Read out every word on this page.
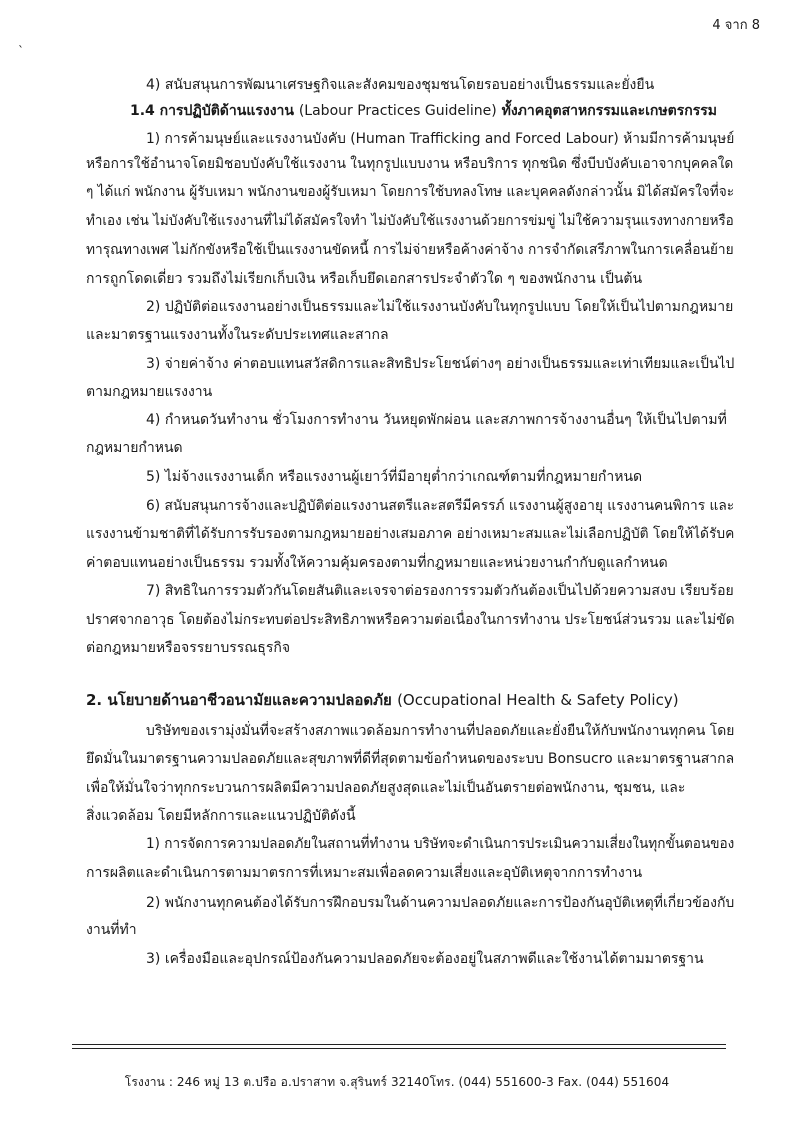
4 จาก 8
`
4) สนับสนุนการพัฒนาเศรษฐกิจและสังคมของชุมชนโดยรอบอย่างเป็นธรรมและยั่งยืน
1.4 การปฏิบัติด้านแรงงาน (Labour Practices Guideline) ทั้งภาคอุตสาหกรรมและเกษตรกรรม
1) การค้ามนุษย์และแรงงานบังคับ (Human Trafficking and Forced Labour) ห้ามมีการค้ามนุษย์
หรือการใช้อำนาจโดยมิชอบบังคับใช้แรงงาน ในทุกรูปแบบงาน หรือบริการ ทุกชนิด ซึ่งบีบบังคับเอาจากบุคคลใด
ๆ ได้แก่ พนักงาน ผู้รับเหมา พนักงานของผู้รับเหมา โดยการใช้บทลงโทษ และบุคคลดังกล่าวนั้น มิได้สมัครใจที่จะ
ทำเอง เช่น ไม่บังคับใช้แรงงานที่ไม่ได้สมัครใจทำ ไม่บังคับใช้แรงงานด้วยการข่มขู่ ไม่ใช้ความรุนแรงทางกายหรือ
ทารุณทางเพศ ไม่กักขังหรือใช้เป็นแรงงานขัดหนี้ การไม่จ่ายหรือค้างค่าจ้าง การจำกัดเสรีภาพในการเคลื่อนย้าย
การถูกโดดเดี่ยว รวมถึงไม่เรียกเก็บเงิน หรือเก็บยึดเอกสารประจำตัวใด ๆ ของพนักงาน เป็นต้น
2) ปฏิบัติต่อแรงงานอย่างเป็นธรรมและไม่ใช้แรงงานบังคับในทุกรูปแบบ โดยให้เป็นไปตามกฎหมาย
และมาตรฐานแรงงานทั้งในระดับประเทศและสากล
3) จ่ายค่าจ้าง ค่าตอบแทนสวัสดิการและสิทธิประโยชน์ต่างๆ อย่างเป็นธรรมและเท่าเทียมและเป็นไป
ตามกฎหมายแรงงาน
4) กำหนดวันทำงาน ชั่วโมงการทำงาน วันหยุดพักผ่อน และสภาพการจ้างงานอื่นๆ ให้เป็นไปตามที่
กฎหมายกำหนด
5) ไม่จ้างแรงงานเด็ก หรือแรงงานผู้เยาว์ที่มีอายุต่ำกว่าเกณฑ์ตามที่กฎหมายกำหนด
6) สนับสนุนการจ้างและปฏิบัติต่อแรงงานสตรีและสตรีมีครรภ์ แรงงานผู้สูงอายุ แรงงานคนพิการ และ
แรงงานข้ามชาติที่ได้รับการรับรองตามกฎหมายอย่างเสมอภาค อย่างเหมาะสมและไม่เลือกปฏิบัติ โดยให้ได้รับค
ค่าตอบแทนอย่างเป็นธรรม รวมทั้งให้ความคุ้มครองตามที่กฎหมายและหน่วยงานกำกับดูแลกำหนด
7) สิทธิในการรวมตัวกันโดยสันติและเจรจาต่อรองการรวมตัวกันต้องเป็นไปด้วยความสงบ เรียบร้อย
ปราศจากอาวุธ โดยต้องไม่กระทบต่อประสิทธิภาพหรือความต่อเนื่องในการทำงาน ประโยชน์ส่วนรวม และไม่ขัด
ต่อกฎหมายหรือจรรยาบรรณธุรกิจ
2. นโยบายด้านอาชีวอนามัยและความปลอดภัย (Occupational Health & Safety Policy)
บริษัทของเรามุ่งมั่นที่จะสร้างสภาพแวดล้อมการทำงานที่ปลอดภัยและยั่งยืนให้กับพนักงานทุกคน โดย
ยึดมั่นในมาตรฐานความปลอดภัยและสุขภาพที่ดีที่สุดตามข้อกำหนดของระบบ Bonsucro และมาตรฐานสากล
เพื่อให้มั่นใจว่าทุกกระบวนการผลิตมีความปลอดภัยสูงสุดและไม่เป็นอันตรายต่อพนักงาน, ชุมชน, และ
สิ่งแวดล้อม โดยมีหลักการและแนวปฏิบัติดังนี้
1) การจัดการความปลอดภัยในสถานที่ทำงาน บริษัทจะดำเนินการประเมินความเสี่ยงในทุกขั้นตอนของ
การผลิตและดำเนินการตามมาตรการที่เหมาะสมเพื่อลดความเสี่ยงและอุบัติเหตุจากการทำงาน
2) พนักงานทุกคนต้องได้รับการฝึกอบรมในด้านความปลอดภัยและการป้องกันอุบัติเหตุที่เกี่ยวข้องกับ
งานที่ทำ
3) เครื่องมือและอุปกรณ์ป้องกันความปลอดภัยจะต้องอยู่ในสภาพดีและใช้งานได้ตามมาตรฐาน
โรงงาน : 246 หมู่ 13 ต.ปรือ อ.ปราสาท จ.สุรินทร์ 32140โทร. (044) 551600-3 Fax. (044) 551604
